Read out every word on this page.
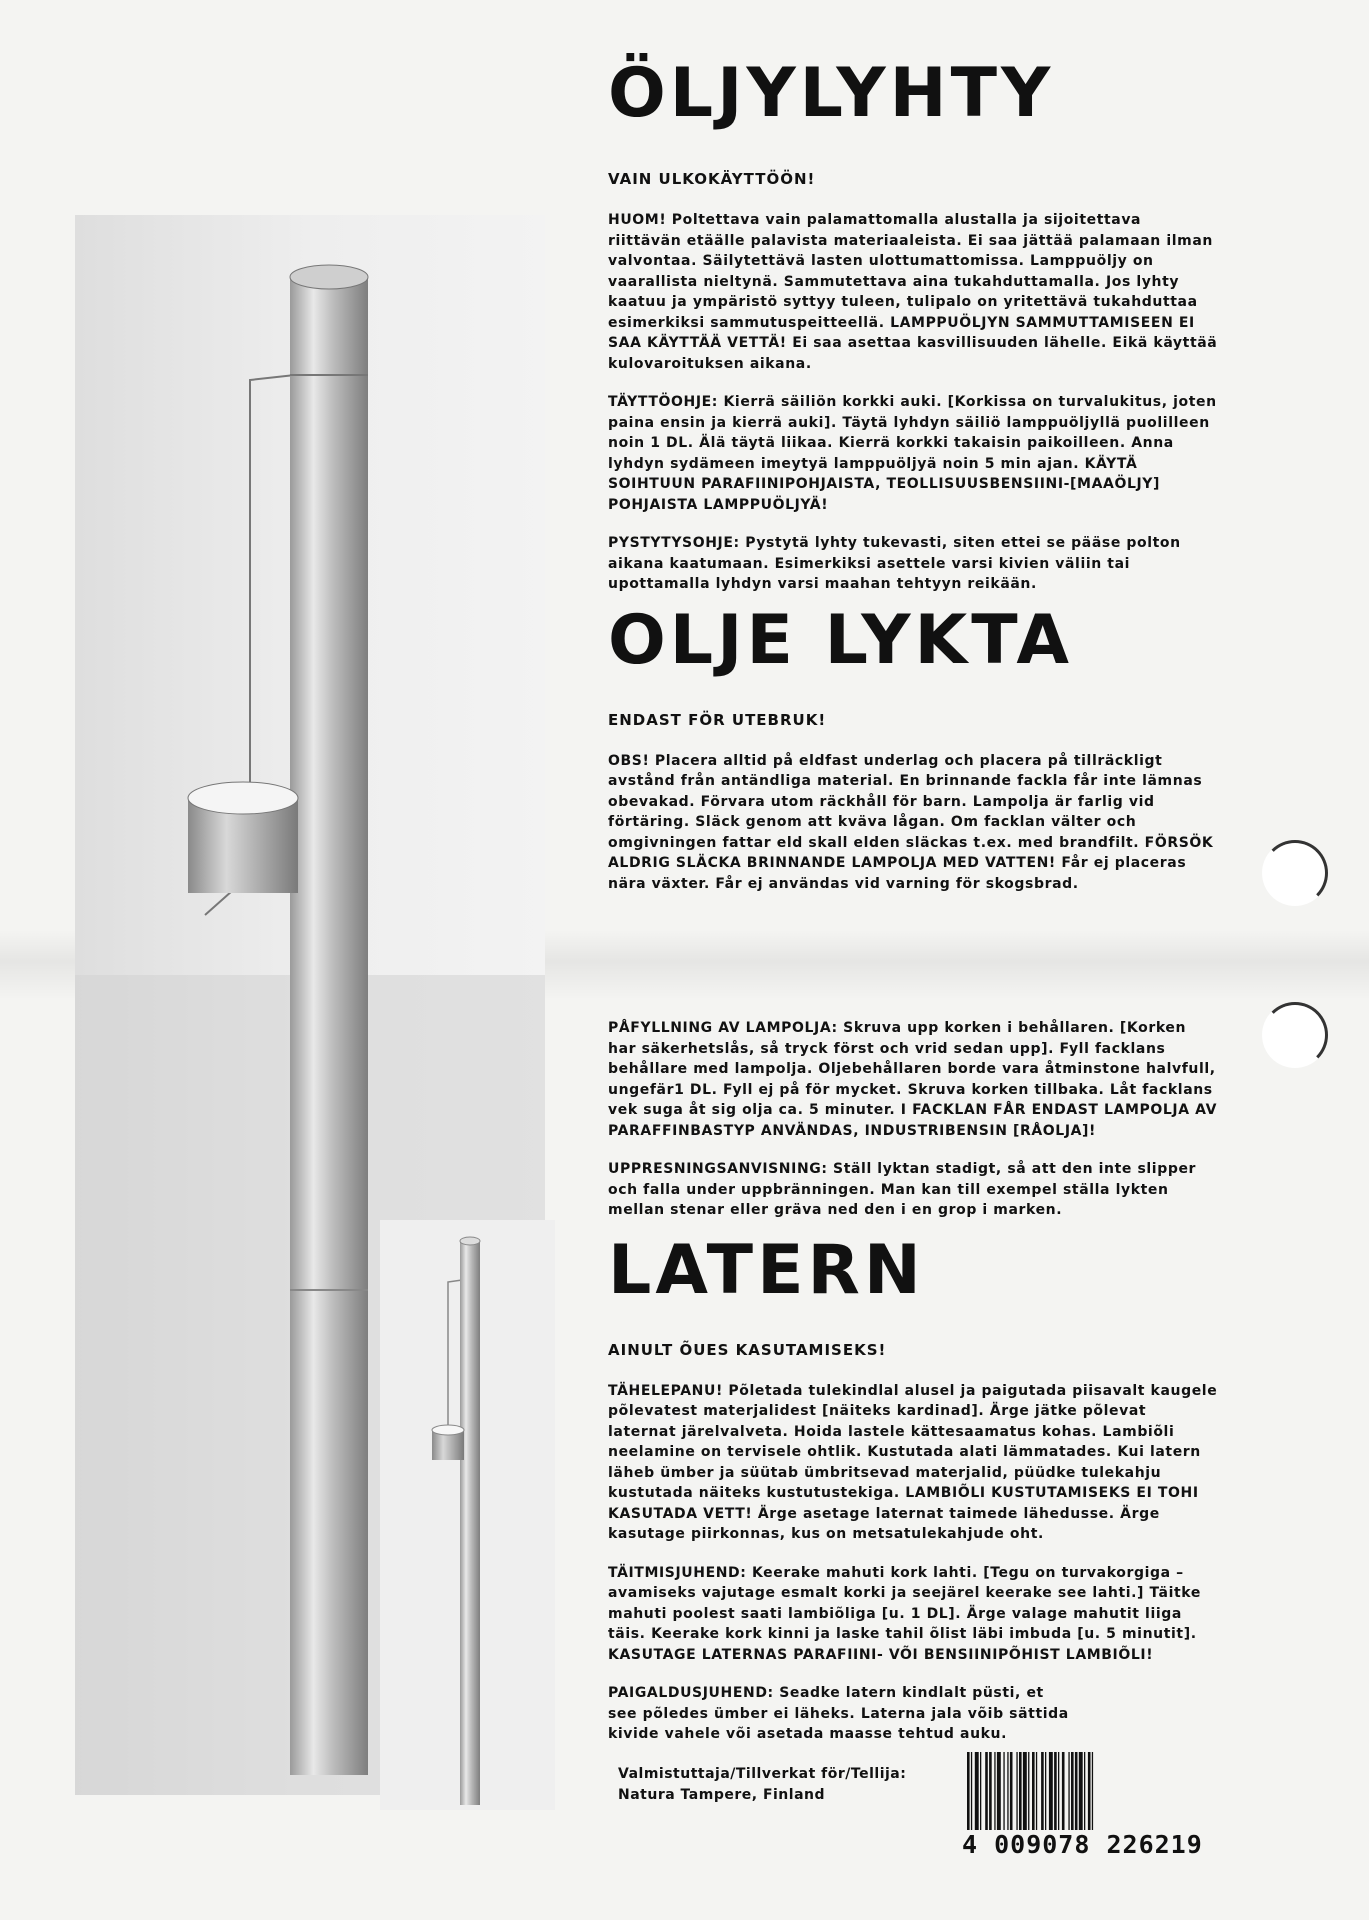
ÖLJYLYHTY

VAIN ULKOKÄYTTÖÖN!

HUOM! Poltettava vain palamattomalla alustalla ja sijoitettava riittävän etäälle palavista materiaaleista. Ei saa jättää palamaan ilman valvontaa. Säilytettävä lasten ulottumattomissa. Lamppuöljy on vaarallista nieltynä. Sammutettava aina tukahduttamalla. Jos lyhty kaatuu ja ympäristö syttyy tuleen, tulipalo on yritettävä tukahduttaa esimerkiksi sammutuspeitteellä. LAMPPUÖLJYN SAMMUTTAMISEEN EI SAA KÄYTTÄÄ VETTÄ! Ei saa asettaa kasvillisuuden lähelle. Eikä käyttää kulovaroituksen aikana.

TÄYTTÖOHJE: Kierrä säiliön korkki auki. [Korkissa on turvalukitus, joten paina ensin ja kierrä auki]. Täytä lyhdyn säiliö lamppuöljyllä puolilleen noin 1 DL. Älä täytä liikaa. Kierrä korkki takaisin paikoilleen. Anna lyhdyn sydämeen imeytyä lamppuöljyä noin 5 min ajan. KÄYTÄ SOIHTUUN PARAFIINIPOHJAISTA, TEOLLISUUSBENSIINI-[MAAÖLJY] POHJAISTA LAMPPUÖLJYÄ!

PYSTYTYSOHJE: Pystytä lyhty tukevasti, siten ettei se pääse polton aikana kaatumaan. Esimerkiksi asettele varsi kivien väliin tai upottamalla lyhdyn varsi maahan tehtyyn reikään.

OLJE LYKTA

ENDAST FÖR UTEBRUK!

OBS! Placera alltid på eldfast underlag och placera på tillräckligt avstånd från antändliga material. En brinnande fackla får inte lämnas obevakad. Förvara utom räckhåll för barn. Lampolja är farlig vid förtäring. Släck genom att kväva lågan. Om facklan välter och omgivningen fattar eld skall elden släckas t.ex. med brandfilt. FÖRSÖK ALDRIG SLÄCKA BRINNANDE LAMPOLJA MED VATTEN! Får ej placeras nära växter. Får ej användas vid varning för skogsbrad.

PÅFYLLNING AV LAMPOLJA: Skruva upp korken i behållaren. [Korken har säkerhetslås, så tryck först och vrid sedan upp]. Fyll facklans behållare med lampolja. Oljebehållaren borde vara åtminstone halvfull, ungefär1 DL. Fyll ej på för mycket. Skruva korken tillbaka. Låt facklans vek suga åt sig olja ca. 5 minuter. I FACKLAN FÅR ENDAST LAMPOLJA AV PARAFFINBASTYP ANVÄNDAS, INDUSTRIBENSIN [RÅOLJA]!

UPPRESNINGSANVISNING: Ställ lyktan stadigt, så att den inte slipper och falla under uppbränningen. Man kan till exempel ställa lykten mellan stenar eller gräva ned den i en grop i marken.

LATERN

AINULT ÕUES KASUTAMISEKS!

TÄHELEPANU! Põletada tulekindlal alusel ja paigutada piisavalt kaugele põlevatest materjalidest [näiteks kardinad]. Ärge jätke põlevat laternat järelvalveta. Hoida lastele kättesaamatus kohas. Lambiõli neelamine on tervisele ohtlik. Kustutada alati lämmatades. Kui latern läheb ümber ja süütab ümbritsevad materjalid, püüdke tulekahju kustutada näiteks kustutustekiga. LAMBIÕLI KUSTUTAMISEKS EI TOHI KASUTADA VETT! Ärge asetage laternat taimede lähedusse. Ärge kasutage piirkonnas, kus on metsatulekahjude oht.

TÄITMISJUHEND: Keerake mahuti kork lahti. [Tegu on turvakorgiga – avamiseks vajutage esmalt korki ja seejärel keerake see lahti.] Täitke mahuti poolest saati lambiõliga [u. 1 DL]. Ärge valage mahutit liiga täis. Keerake kork kinni ja laske tahil õlist läbi imbuda [u. 5 minutit]. KASUTAGE LATERNAS PARAFIINI- VÕI BENSIINIPÕHIST LAMBIÕLI!

PAIGALDUSJUHEND: Seadke latern kindlalt püsti, et see põledes ümber ei läheks. Laterna jala võib sättida kivide vahele või asetada maasse tehtud auku.

Valmistuttaja/Tillverkat för/Tellija:
Natura Tampere, Finland
4 009078 226219
